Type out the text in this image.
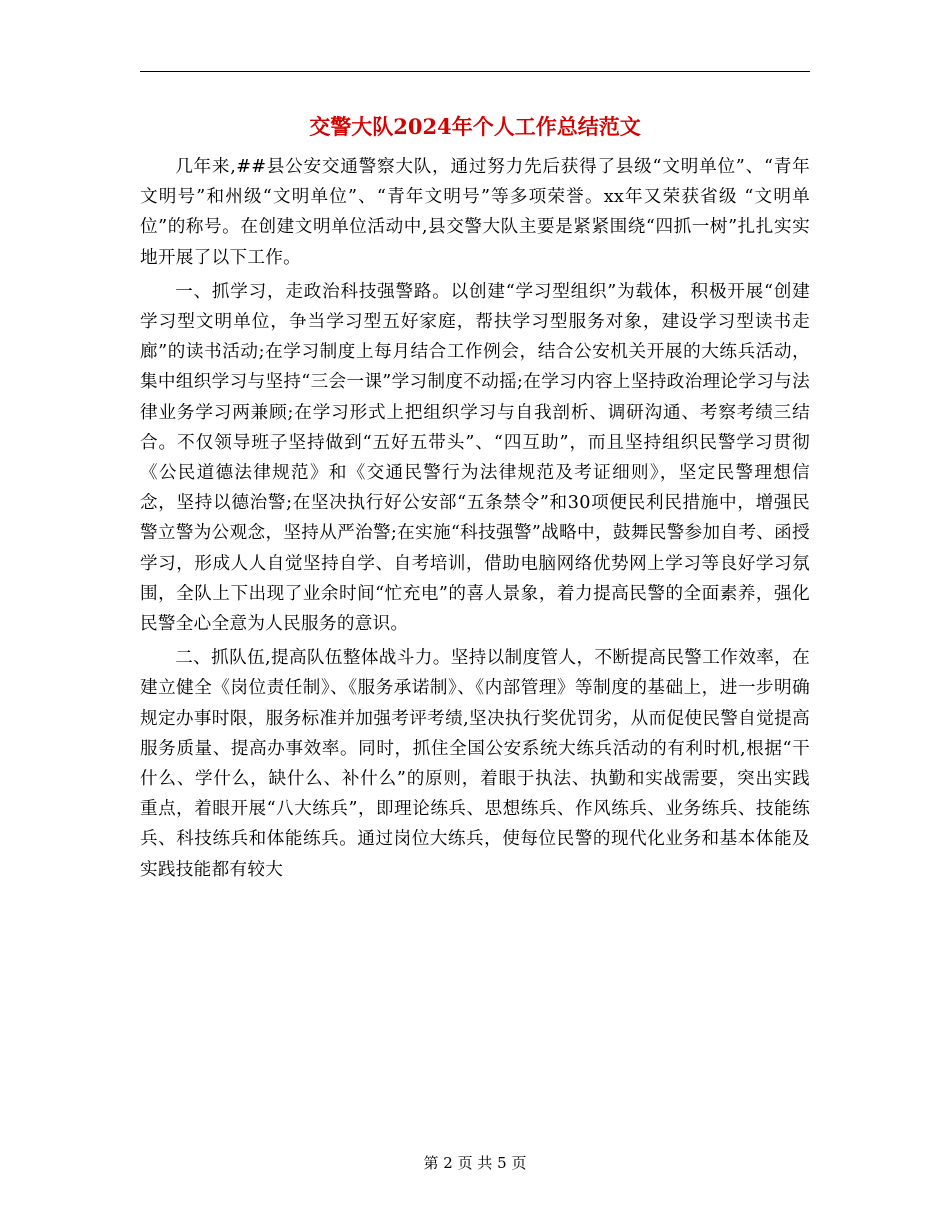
交警大队2024年个人工作总结范文

几年来,##县公安交通警察大队，通过努力先后获得了县级“文明单位”、“青年文明号”和州级“文明单位”、“青年文明号”等多项荣誉。xx年又荣获省级 “文明单位”的称号。在创建文明单位活动中,县交警大队主要是紧紧围绕“四抓一树”扎扎实实地开展了以下工作。

一、抓学习，走政治科技强警路。以创建“学习型组织”为载体，积极开展“创建学习型文明单位，争当学习型五好家庭，帮扶学习型服务对象，建设学习型读书走廊”的读书活动;在学习制度上每月结合工作例会，结合公安机关开展的大练兵活动，集中组织学习与坚持“三会一课”学习制度不动摇;在学习内容上坚持政治理论学习与法律业务学习两兼顾;在学习形式上把组织学习与自我剖析、调研沟通、考察考绩三结合。不仅领导班子坚持做到“五好五带头”、“四互助”，而且坚持组织民警学习贯彻《公民道德法律规范》和《交通民警行为法律规范及考证细则》，坚定民警理想信念，坚持以德治警;在坚决执行好公安部“五条禁令”和30项便民利民措施中，增强民警立警为公观念，坚持从严治警;在实施“科技强警”战略中，鼓舞民警参加自考、函授学习，形成人人自觉坚持自学、自考培训，借助电脑网络优势网上学习等良好学习氛围，全队上下出现了业余时间“忙充电”的喜人景象，着力提高民警的全面素养，强化民警全心全意为人民服务的意识。

二、抓队伍,提高队伍整体战斗力。坚持以制度管人，不断提高民警工作效率，在建立健全《岗位责任制》、《服务承诺制》、《内部管理》等制度的基础上，进一步明确规定办事时限，服务标准并加强考评考绩,坚决执行奖优罚劣，从而促使民警自觉提高服务质量、提高办事效率。同时，抓住全国公安系统大练兵活动的有利时机,根据“干什么、学什么，缺什么、补什么”的原则，着眼于执法、执勤和实战需要，突出实践重点，着眼开展“八大练兵”，即理论练兵、思想练兵、作风练兵、业务练兵、技能练兵、科技练兵和体能练兵。通过岗位大练兵，使每位民警的现代化业务和基本体能及实践技能都有较大

第 2 页 共 5 页
